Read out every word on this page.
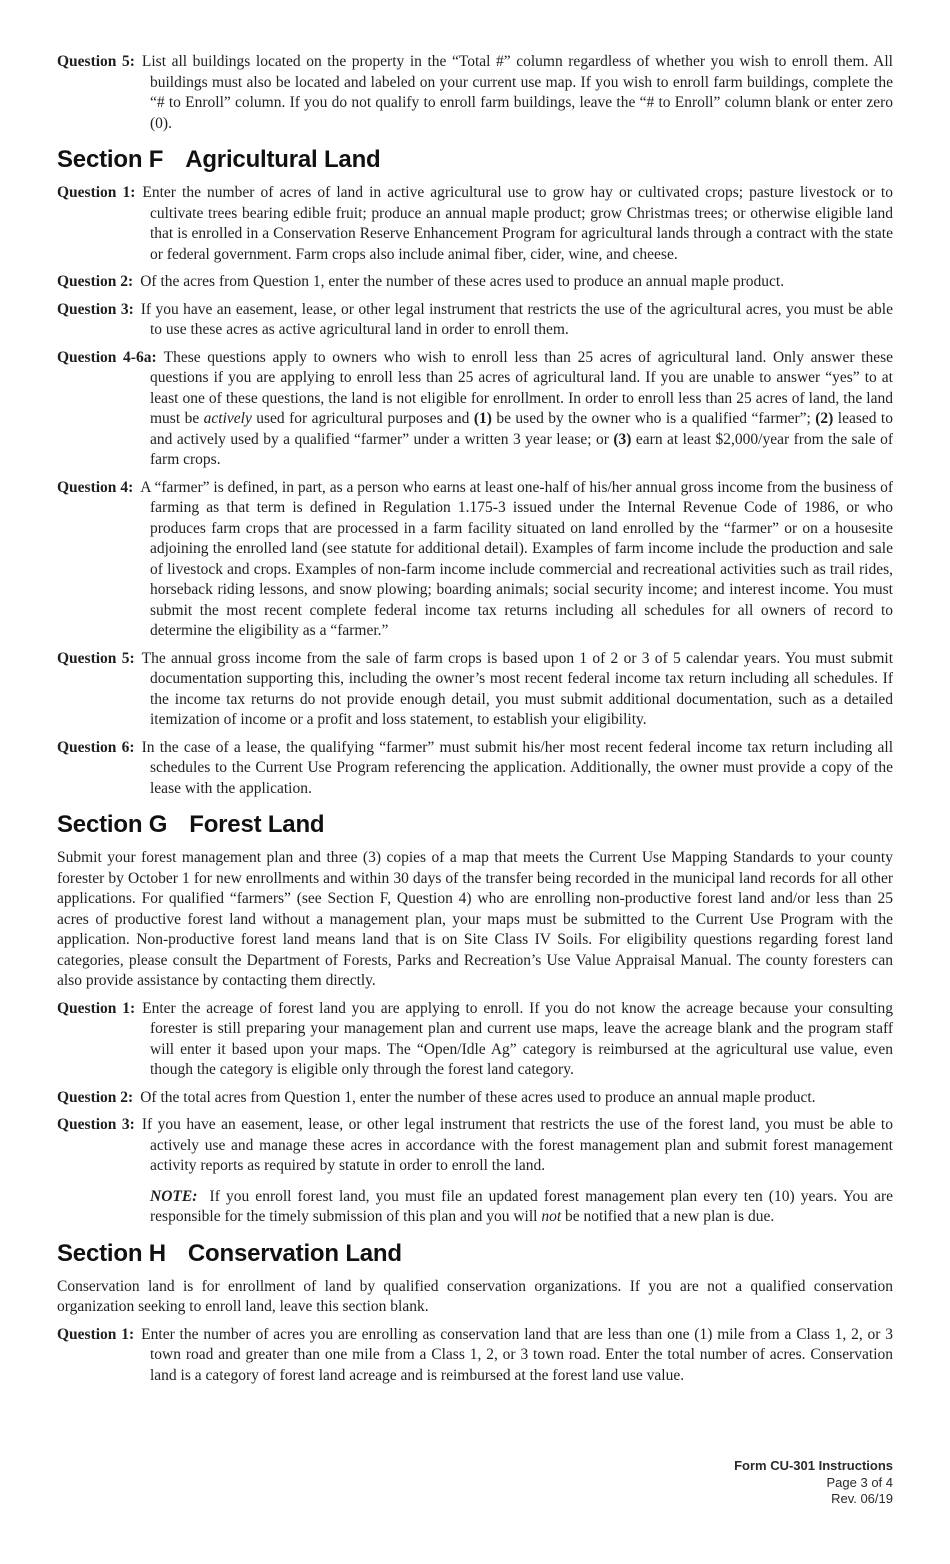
Question 5: List all buildings located on the property in the “Total #” column regardless of whether you wish to enroll them. All buildings must also be located and labeled on your current use map. If you wish to enroll farm buildings, complete the “# to Enroll” column. If you do not qualify to enroll farm buildings, leave the “# to Enroll” column blank or enter zero (0).

Section F Agricultural Land

Question 1: Enter the number of acres of land in active agricultural use to grow hay or cultivated crops; pasture livestock or to cultivate trees bearing edible fruit; produce an annual maple product; grow Christmas trees; or otherwise eligible land that is enrolled in a Conservation Reserve Enhancement Program for agricultural lands through a contract with the state or federal government. Farm crops also include animal fiber, cider, wine, and cheese.

Question 2: Of the acres from Question 1, enter the number of these acres used to produce an annual maple product.

Question 3: If you have an easement, lease, or other legal instrument that restricts the use of the agricultural acres, you must be able to use these acres as active agricultural land in order to enroll them.

Question 4-6a: These questions apply to owners who wish to enroll less than 25 acres of agricultural land. Only answer these questions if you are applying to enroll less than 25 acres of agricultural land. If you are unable to answer “yes” to at least one of these questions, the land is not eligible for enrollment. In order to enroll less than 25 acres of land, the land must be actively used for agricultural purposes and (1) be used by the owner who is a qualified “farmer”; (2) leased to and actively used by a qualified “farmer” under a written 3 year lease; or (3) earn at least $2,000/year from the sale of farm crops.

Question 4: A “farmer” is defined, in part, as a person who earns at least one-half of his/her annual gross income from the business of farming as that term is defined in Regulation 1.175-3 issued under the Internal Revenue Code of 1986, or who produces farm crops that are processed in a farm facility situated on land enrolled by the “farmer” or on a housesite adjoining the enrolled land (see statute for additional detail). Examples of farm income include the production and sale of livestock and crops. Examples of non-farm income include commercial and recreational activities such as trail rides, horseback riding lessons, and snow plowing; boarding animals; social security income; and interest income. You must submit the most recent complete federal income tax returns including all schedules for all owners of record to determine the eligibility as a “farmer.”

Question 5: The annual gross income from the sale of farm crops is based upon 1 of 2 or 3 of 5 calendar years. You must submit documentation supporting this, including the owner’s most recent federal income tax return including all schedules. If the income tax returns do not provide enough detail, you must submit additional documentation, such as a detailed itemization of income or a profit and loss statement, to establish your eligibility.

Question 6: In the case of a lease, the qualifying “farmer” must submit his/her most recent federal income tax return including all schedules to the Current Use Program referencing the application. Additionally, the owner must provide a copy of the lease with the application.

Section G Forest Land

Submit your forest management plan and three (3) copies of a map that meets the Current Use Mapping Standards to your county forester by October 1 for new enrollments and within 30 days of the transfer being recorded in the municipal land records for all other applications. For qualified “farmers” (see Section F, Question 4) who are enrolling non-productive forest land and/or less than 25 acres of productive forest land without a management plan, your maps must be submitted to the Current Use Program with the application. Non-productive forest land means land that is on Site Class IV Soils. For eligibility questions regarding forest land categories, please consult the Department of Forests, Parks and Recreation’s Use Value Appraisal Manual. The county foresters can also provide assistance by contacting them directly.

Question 1: Enter the acreage of forest land you are applying to enroll. If you do not know the acreage because your consulting forester is still preparing your management plan and current use maps, leave the acreage blank and the program staff will enter it based upon your maps. The “Open/Idle Ag” category is reimbursed at the agricultural use value, even though the category is eligible only through the forest land category.

Question 2: Of the total acres from Question 1, enter the number of these acres used to produce an annual maple product.

Question 3: If you have an easement, lease, or other legal instrument that restricts the use of the forest land, you must be able to actively use and manage these acres in accordance with the forest management plan and submit forest management activity reports as required by statute in order to enroll the land.

NOTE:  If you enroll forest land, you must file an updated forest management plan every ten (10) years. You are responsible for the timely submission of this plan and you will not be notified that a new plan is due.

Section H Conservation Land

Conservation land is for enrollment of land by qualified conservation organizations. If you are not a qualified conservation organization seeking to enroll land, leave this section blank.

Question 1: Enter the number of acres you are enrolling as conservation land that are less than one (1) mile from a Class 1, 2, or 3 town road and greater than one mile from a Class 1, 2, or 3 town road. Enter the total number of acres. Conservation land is a category of forest land acreage and is reimbursed at the forest land use value.

Form CU-301 Instructions
Page 3 of 4
Rev. 06/19
